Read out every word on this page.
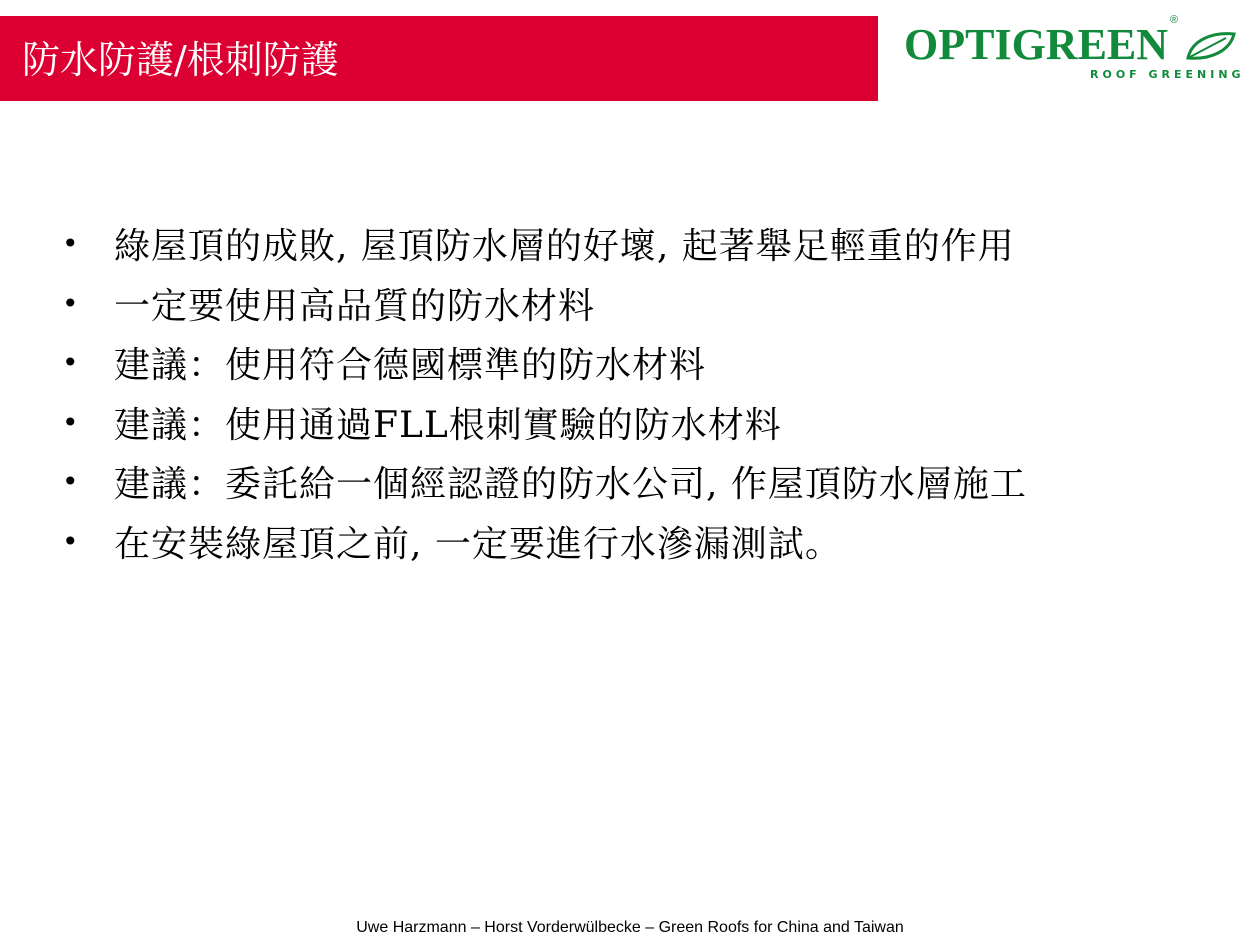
防水防護/根刺防護	OPTIGREEN ®
ROOF GREENING
• 綠屋頂的成敗, 屋頂防水層的好壞, 起著舉足輕重的作用
• 一定要使用高品質的防水材料
• 建議：使用符合德國標準的防水材料
• 建議：使用通過FLL根刺實驗的防水材料
• 建議：委託給一個經認證的防水公司, 作屋頂防水層施工
• 在安裝綠屋頂之前, 一定要進行水滲漏測試。
Uwe Harzmann – Horst Vorderwülbecke – Green Roofs for China and Taiwan
